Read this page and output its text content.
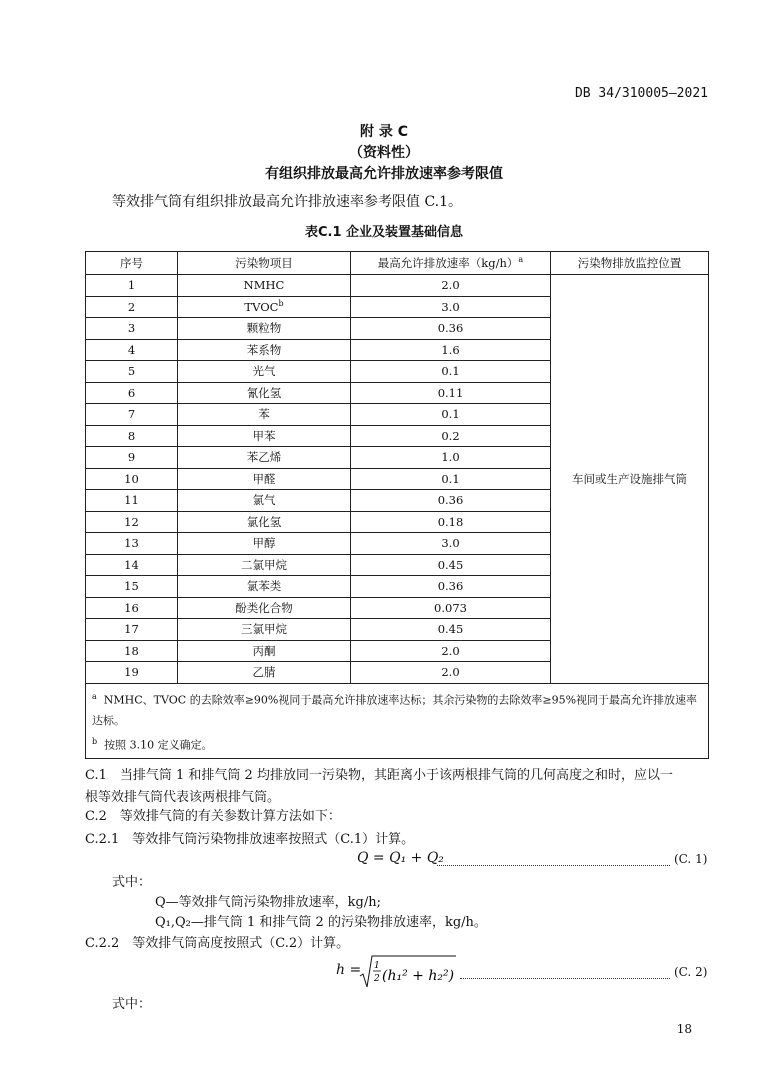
DB 34/310005—2021
附 录 C
（资料性）
有组织排放最高允许排放速率参考限值
等效排气筒有组织排放最高允许排放速率参考限值 C.1。
表C.1 企业及装置基础信息
序号	污染物项目	最高允许排放速率$(kg/h)^a$	污染物排放监控位置
1	NMHC	2.0	车间或生产设施排气筒
2	TVOC$^b$	3.0	
3	颗粒物	0.36	
4	苯系物	1.6	
5	光气	0.1	
6	氰化氢	0.11	
7	苯	0.1	
8	甲苯	0.2	
9	苯乙烯	1.0	
10	甲醛	0.1	
11	氯气	0.36	
12	氯化氢	0.18	
13	甲醇	3.0	
14	二氯甲烷	0.45	
15	氯苯类	0.36	
16	酚类化合物	0.073	
17	三氯甲烷	0.45	
18	丙酮	2.0	
19	乙腈	2.0	

$^a$ NMHC、TVOC 的去除效率≥90%视同于最高允许排放速率达标；其余污染物的去除效率≥95%视同于最高允许排放速率达标。
$^b$ 按照 3.10 定义确定。			
C.1　当排气筒 1 和排气筒 2 均排放同一污染物，其距离小于该两根排气筒的几何高度之和时，应以一
根等效排气筒代表该两根排气筒。
C.2　等效排气筒的有关参数计算方法如下：
C.2.1　等效排气筒污染物排放速率按照式（C.1）计算。
Q = Q₁ + Q₂	(C. 1)
式中：
Q—等效排气筒污染物排放速率，kg/h;
Q₁,Q₂—排气筒 1 和排气筒 2 的污染物排放速率，kg/h。
C.2.2　等效排气筒高度按照式（C.2）计算。
h = 1
2 (h₁² + h₂²)	(C. 2)
式中：
18
